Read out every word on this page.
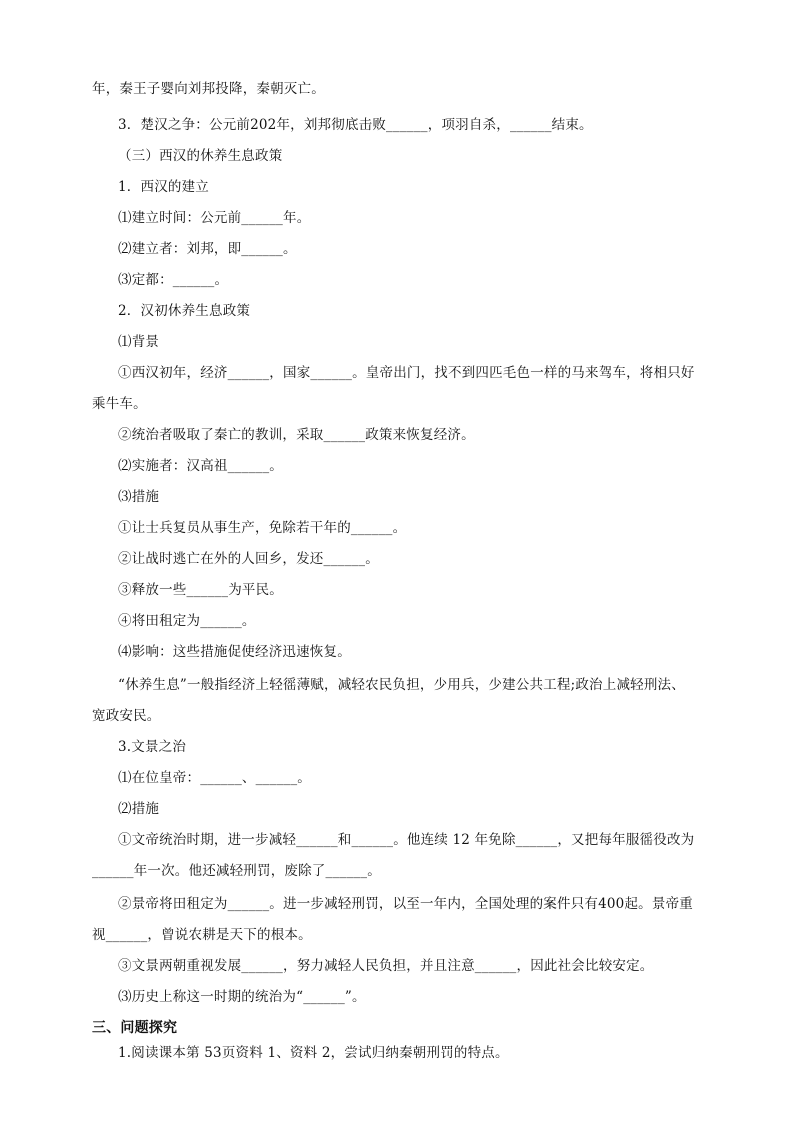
年，秦王子婴向刘邦投降，秦朝灭亡。
3．楚汉之争：公元前202年，刘邦彻底击败______，项羽自杀，______结束。
（三）西汉的休养生息政策
1．西汉的建立
⑴建立时间：公元前______年。
⑵建立者：刘邦，即______。
⑶定都：______。
2．汉初休养生息政策
⑴背景
①西汉初年，经济______，国家______。皇帝出门，找不到四匹毛色一样的马来驾车，将相只好
乘牛车。
②统治者吸取了秦亡的教训，采取______政策来恢复经济。
⑵实施者：汉高祖______。
⑶措施
①让士兵复员从事生产，免除若干年的______。
②让战时逃亡在外的人回乡，发还______。
③释放一些______为平民。
④将田租定为______。
⑷影响：这些措施促使经济迅速恢复。
“休养生息”一般指经济上轻徭薄赋，减轻农民负担，少用兵，少建公共工程;政治上减轻刑法、
宽政安民。
3.文景之治
⑴在位皇帝：______、______。
⑵措施
①文帝统治时期，进一步减轻______和______。他连续 12 年免除______，又把每年服徭役改为
______年一次。他还减轻刑罚，废除了______。
②景帝将田租定为______。进一步减轻刑罚，以至一年内，全国处理的案件只有400起。景帝重
视______，曾说农耕是天下的根本。
③文景两朝重视发展______，努力减轻人民负担，并且注意______，因此社会比较安定。
⑶历史上称这一时期的统治为“______”。
三、问题探究
1.阅读课本第 53页资料 1、资料 2，尝试归纳秦朝刑罚的特点。
